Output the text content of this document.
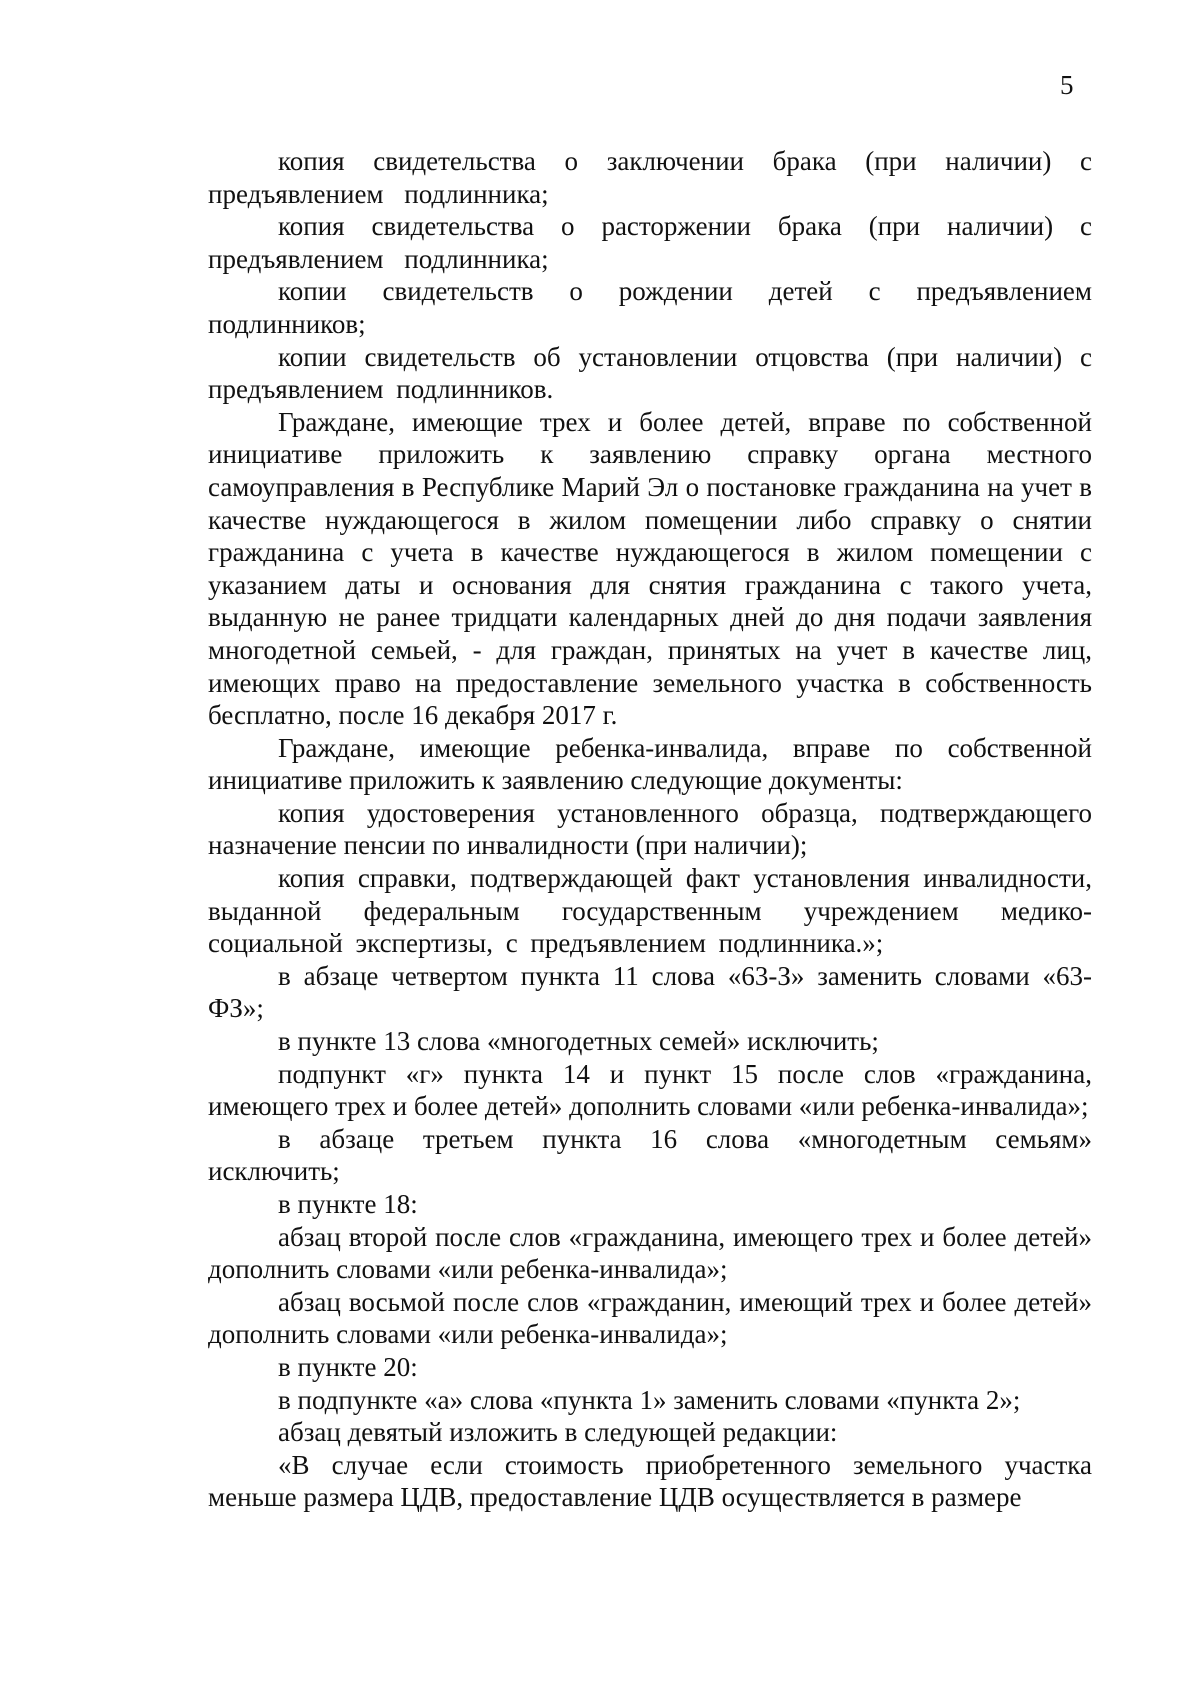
5

копия свидетельства о заключении брака (при наличии) с предъявлением подлинника;

копия свидетельства о расторжении брака (при наличии) с предъявлением подлинника;

копии свидетельств о рождении детей с предъявлением подлинников;

копии свидетельств об установлении отцовства (при наличии) с предъявлением подлинников.

Граждане, имеющие трех и более детей, вправе по собственной инициативе приложить к заявлению справку органа местного самоуправления в Республике Марий Эл о постановке гражданина на учет в качестве нуждающегося в жилом помещении либо справку о снятии гражданина с учета в качестве нуждающегося в жилом помещении с указанием даты и основания для снятия гражданина с такого учета, выданную не ранее тридцати календарных дней до дня подачи заявления многодетной семьей, - для граждан, принятых на учет в качестве лиц, имеющих право на предоставление земельного участка в собственность бесплатно, после 16 декабря 2017 г.

Граждане, имеющие ребенка-инвалида, вправе по собственной инициативе приложить к заявлению следующие документы:

копия удостоверения установленного образца, подтверждающего назначение пенсии по инвалидности (при наличии);

копия справки, подтверждающей факт установления инвалидности, выданной федеральным государственным учреждением медико-социальной экспертизы, с предъявлением подлинника.»;

в абзаце четвертом пункта 11 слова «63-З» заменить словами «63-ФЗ»;

в пункте 13 слова «многодетных семей» исключить;

подпункт «г» пункта 14 и пункт 15 после слов «гражданина, имеющего трех и более детей» дополнить словами «или ребенка-инвалида»;

в абзаце третьем пункта 16 слова «многодетным семьям» исключить;

в пункте 18:

абзац второй после слов «гражданина, имеющего трех и более детей» дополнить словами «или ребенка-инвалида»;

абзац восьмой после слов «гражданин, имеющий трех и более детей» дополнить словами «или ребенка-инвалида»;

в пункте 20:

в подпункте «а» слова «пункта 1» заменить словами «пункта 2»;

абзац девятый изложить в следующей редакции:

«В случае если стоимость приобретенного земельного участка меньше размера ЦДВ, предоставление ЦДВ осуществляется в размере
